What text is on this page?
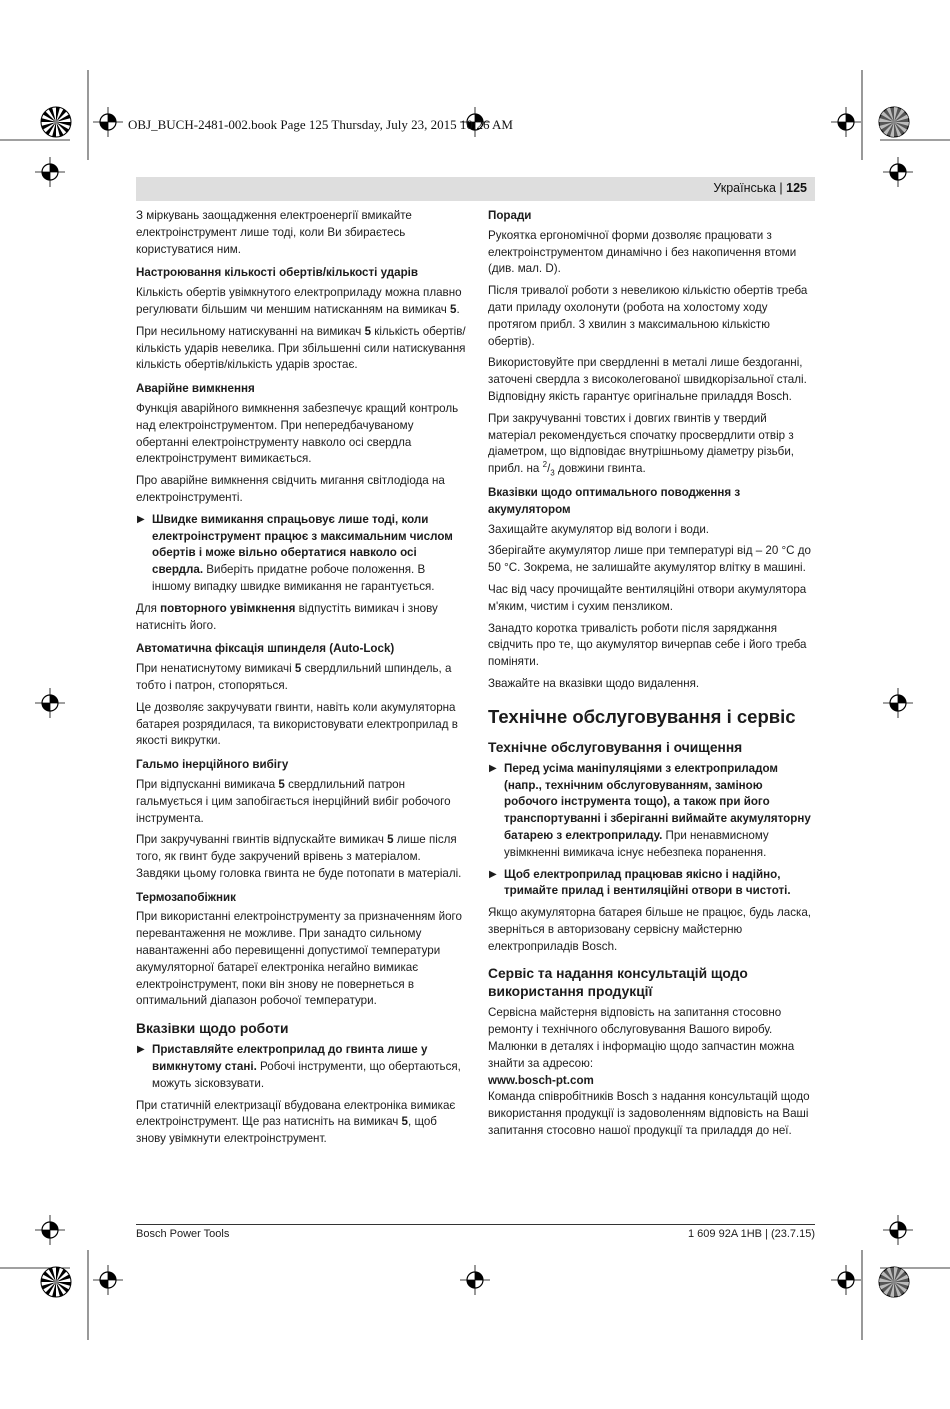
OBJ_BUCH-2481-002.book Page 125 Thursday, July 23, 2015 10:26 AM
Українська | 125

З міркувань заощадження електроенергії вмикайте електроінструмент лише тоді, коли Ви збираєтесь користуватися ним.

Настроювання кількості обертів/кількості ударів

Кількість обертів увімкнутого електроприладу можна плавно регулювати більшим чи меншим натисканням на вимикач 5.

При несильному натискуванні на вимикач 5 кількість обертів/кількість ударів невелика. При збільшенні сили натискування кількість обертів/кількість ударів зростає.

Аварійне вимкнення

Функція аварійного вимкнення забезпечує кращий контроль над електроінструментом. При непередбачуваному обертанні електроінструменту навколо осі свердла електроінструмент вимикається.

Про аварійне вимкнення свідчить мигання світлодіода на електроінструменті.

▶ Швидке вимикання спрацьовує лише тоді, коли електроінструмент працює з максимальним числом обертів і може вільно обертатися навколо осі свердла. Виберіть придатне робоче положення. В іншому випадку швидке вимикання не гарантується.

Для повторного увімкнення відпустіть вимикач і знову натисніть його.

Автоматична фіксація шпинделя (Auto-Lock)

При ненатиснутому вимикачі 5 свердлильний шпиндель, а тобто і патрон, стопоряться.

Це дозволяє закручувати гвинти, навіть коли акумуляторна батарея розрядилася, та використовувати електроприлад в якості викрутки.

Гальмо інерційного вибігу

При відпусканні вимикача 5 свердлильний патрон гальмується і цим запобігається інерційний вибіг робочого інструмента.

При закручуванні гвинтів відпускайте вимикач 5 лише після того, як гвинт буде закручений врівень з матеріалом. Завдяки цьому головка гвинта не буде потопати в матеріалі.

Термозапобіжник

При використанні електроінструменту за призначенням його перевантаження не можливе. При занадто сильному навантаженні або перевищенні допустимої температури акумуляторної батареї електроніка негайно вимикає електроінструмент, поки він знову не повернеться в оптимальний діапазон робочої температури.

Вказівки щодо роботи
▶ Приставляйте електроприлад до гвинта лише у вимкнутому стані. Робочі інструменти, що обертаються, можуть зісковзувати.

При статичній електризації вбудована електроніка вимикає електроінструмент. Ще раз натисніть на вимикач 5, щоб знову увімкнути електроінструмент.

Поради

Рукоятка ергономічної форми дозволяє працювати з електроінструментом динамічно і без накопичення втоми (див. мал. D).

Після тривалої роботи з невеликою кількістю обертів треба дати приладу охолонути (робота на холостому ходу протягом прибл. 3 хвилин з максимальною кількістю обертів).

Використовуйте при свердленні в металі лише бездоганні, заточені свердла з високолегованої швидкорізальної сталі. Відповідну якість гарантує оригінальне приладдя Bosch.

При закручуванні товстих і довгих гвинтів у твердий матеріал рекомендується спочатку просвердлити отвір з діаметром, що відповідає внутрішньому діаметру різьби, прибл. на $^2/_3$ довжини гвинта.

Вказівки щодо оптимального поводження з акумулятором

Захищайте акумулятор від вологи і води.

Зберігайте акумулятор лише при температурі від – 20 °C до 50 °C. Зокрема, не залишайте акумулятор влітку в машині.

Час від часу прочищайте вентиляційні отвори акумулятора м'яким, чистим і сухим пензликом.

Занадто коротка тривалість роботи після заряджання свідчить про те, що акумулятор вичерпав себе і його треба поміняти.

Зважайте на вказівки щодо видалення.

Технічне обслуговування і сервіс
Технічне обслуговування і очищення
▶ Перед усіма маніпуляціями з електроприладом (напр., технічним обслуговуванням, заміною робочого інструмента тощо), а також при його транспортуванні і зберіганні виймайте акумуляторну батарею з електроприладу. При ненавмисному увімкненні вимикача існує небезпека поранення.
▶ Щоб електроприлад працював якісно і надійно, тримайте прилад і вентиляційні отвори в чистоті.

Якщо акумуляторна батарея більше не працює, будь ласка, зверніться в авторизовану сервісну майстерню електроприладів Bosch.

Сервіс та надання консультацій щодо використання продукції

Сервісна майстерня відповість на запитання стосовно ремонту і технічного обслуговування Вашого виробу. Малюнки в деталях і інформацію щодо запчастин можна знайти за адресою:

www.bosch-pt.com

Команда співробітників Bosch з надання консультацій щодо використання продукції із задоволенням відповість на Ваші запитання стосовно нашої продукції та приладдя до неї.

Bosch Power Tools	1 609 92A 1HB | (23.7.15)
